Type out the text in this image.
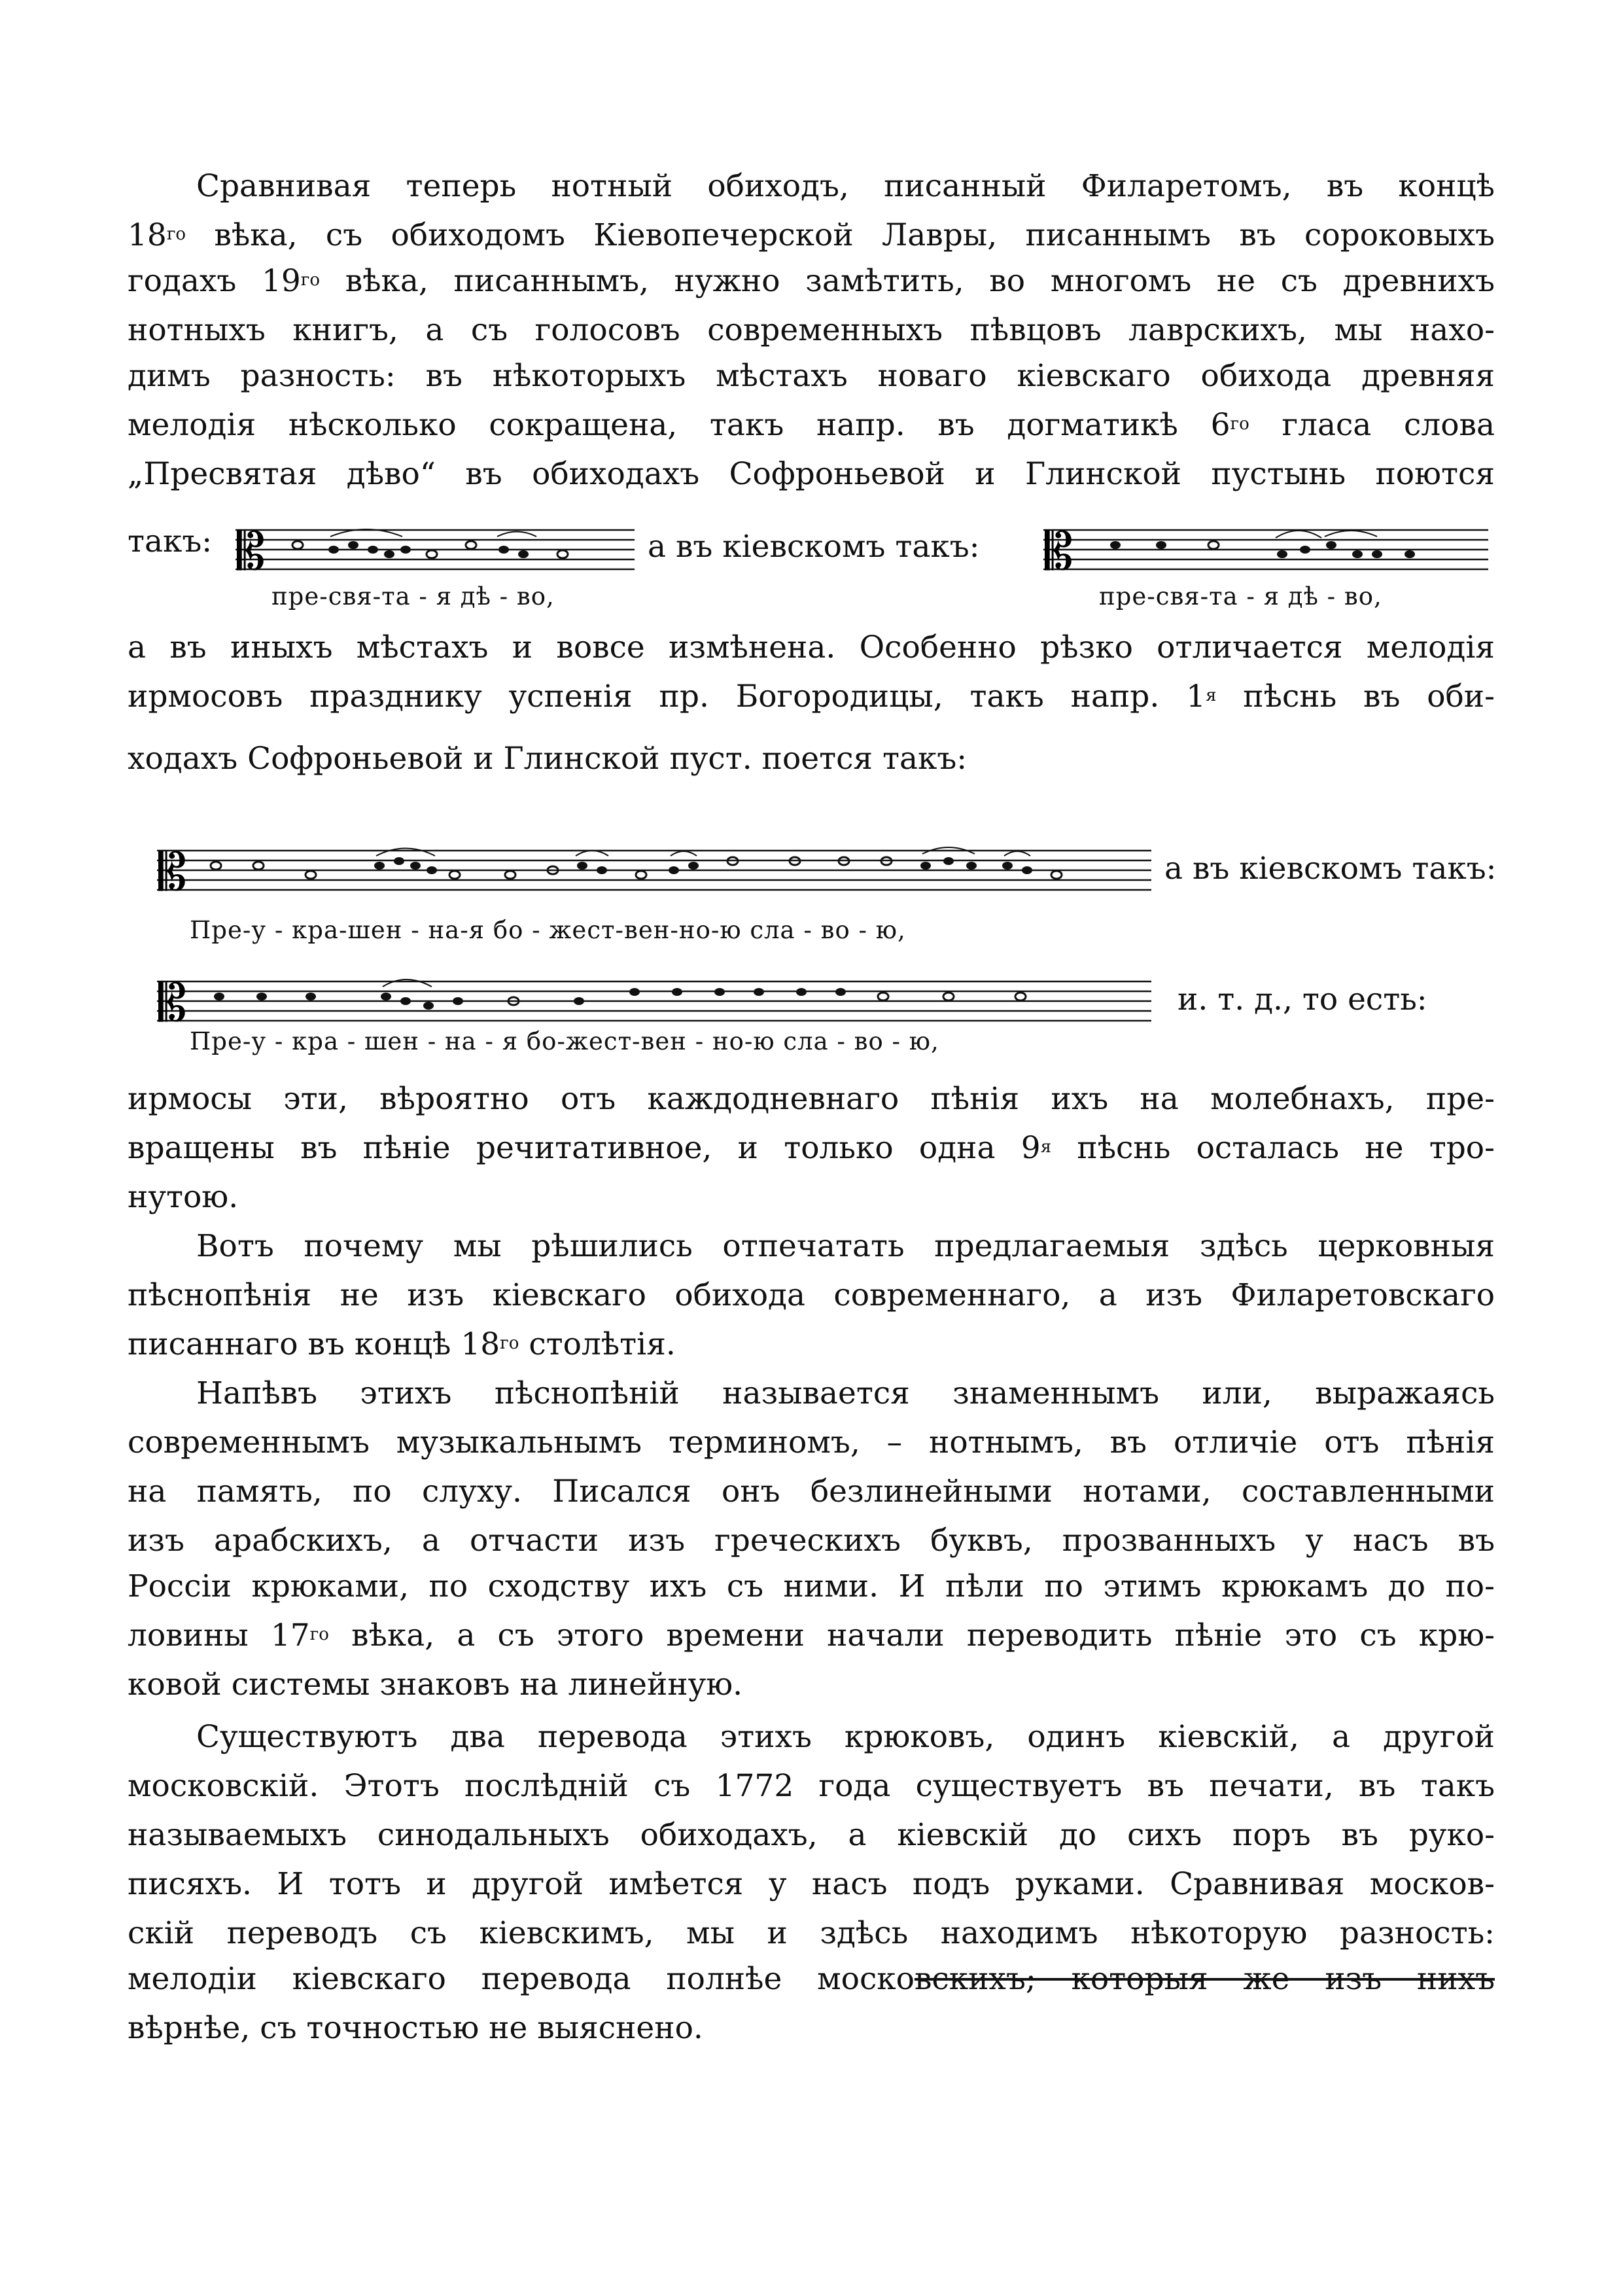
Сравнивая теперь нотный обиходъ, писанный Филаретомъ, въ концѣ
$18^{го}$ вѣка, съ обиходомъ Кіевопечерской Лавры, писаннымъ въ сороковыхъ
годахъ $19^{го}$ вѣка, писаннымъ, нужно замѣтить, во многомъ не съ древнихъ
нотныхъ книгъ, а съ голосовъ современныхъ пѣвцовъ лаврскихъ, мы нахо-
димъ разность: въ нѣкоторыхъ мѣстахъ новаго кіевскаго обихода древняя
мелодія нѣсколько сокращена, такъ напр. въ догматикѣ $6^{го}$ гласа слова
„Пресвятая дѣво“ въ обиходахъ Софроньевой и Глинской пустынь поются
такъ: 𝄡	а въ кіевскомъ такъ: 𝄡
пре-свя-та - я дѣ - во,	пре-свя-та - я дѣ - во,
а въ иныхъ мѣстахъ и вовсе измѣнена. Особенно рѣзко отличается мелодія
ирмосовъ празднику успенія пр. Богородицы, такъ напр. $1^я$ пѣснь въ оби-
ходахъ Софроньевой и Глинской пуст. поется такъ:
𝄡	а въ кіевскомъ такъ:
Пре-у - кра-шен - на-я бо - жест-вен-но-ю сла - во - ю,
𝄡	и. т. д., то есть:
Пре-у - кра - шен - на - я бо-жест-вен - но-ю сла - во - ю,
ирмосы эти, вѣроятно отъ каждодневнаго пѣнія ихъ на молебнахъ, пре-
вращены въ пѣніе речитативное, и только одна $9^я$ пѣснь осталась не тро-
нутою.
Вотъ почему мы рѣшились отпечатать предлагаемыя здѣсь церковныя
пѣснопѣнія не изъ кіевскаго обихода современнаго, а изъ Филаретовскаго
писаннаго въ концѣ $18^{го}$ столѣтія.
Напѣвъ этихъ пѣснопѣній называется знаменнымъ или, выражаясь
современнымъ музыкальнымъ терминомъ, – нотнымъ, въ отличіе отъ пѣнія
на память, по слуху. Писался онъ безлинейными нотами, составленными
изъ арабскихъ, а отчасти изъ греческихъ буквъ, прозванныхъ у насъ въ
Россіи крюками, по сходству ихъ съ ними. И пѣли по этимъ крюкамъ до по-
ловины $17^{го}$ вѣка, а съ этого времени начали переводить пѣніе это съ крю-
ковой системы знаковъ на линейную.
Существуютъ два перевода этихъ крюковъ, одинъ кіевскій, а другой
московскій. Этотъ послѣдній съ 1772 года существуетъ въ печати, въ такъ
называемыхъ синодальныхъ обиходахъ, а кіевскій до сихъ поръ въ руко-
писяхъ. И тотъ и другой имѣется у насъ подъ руками. Сравнивая москов-
скій переводъ съ кіевскимъ, мы и здѣсь находимъ нѣкоторую разность:
мелодіи кіевскаго перевода полнѣе московскихъ; которыя же изъ нихъ
вѣрнѣе, съ точностью не выяснено.
